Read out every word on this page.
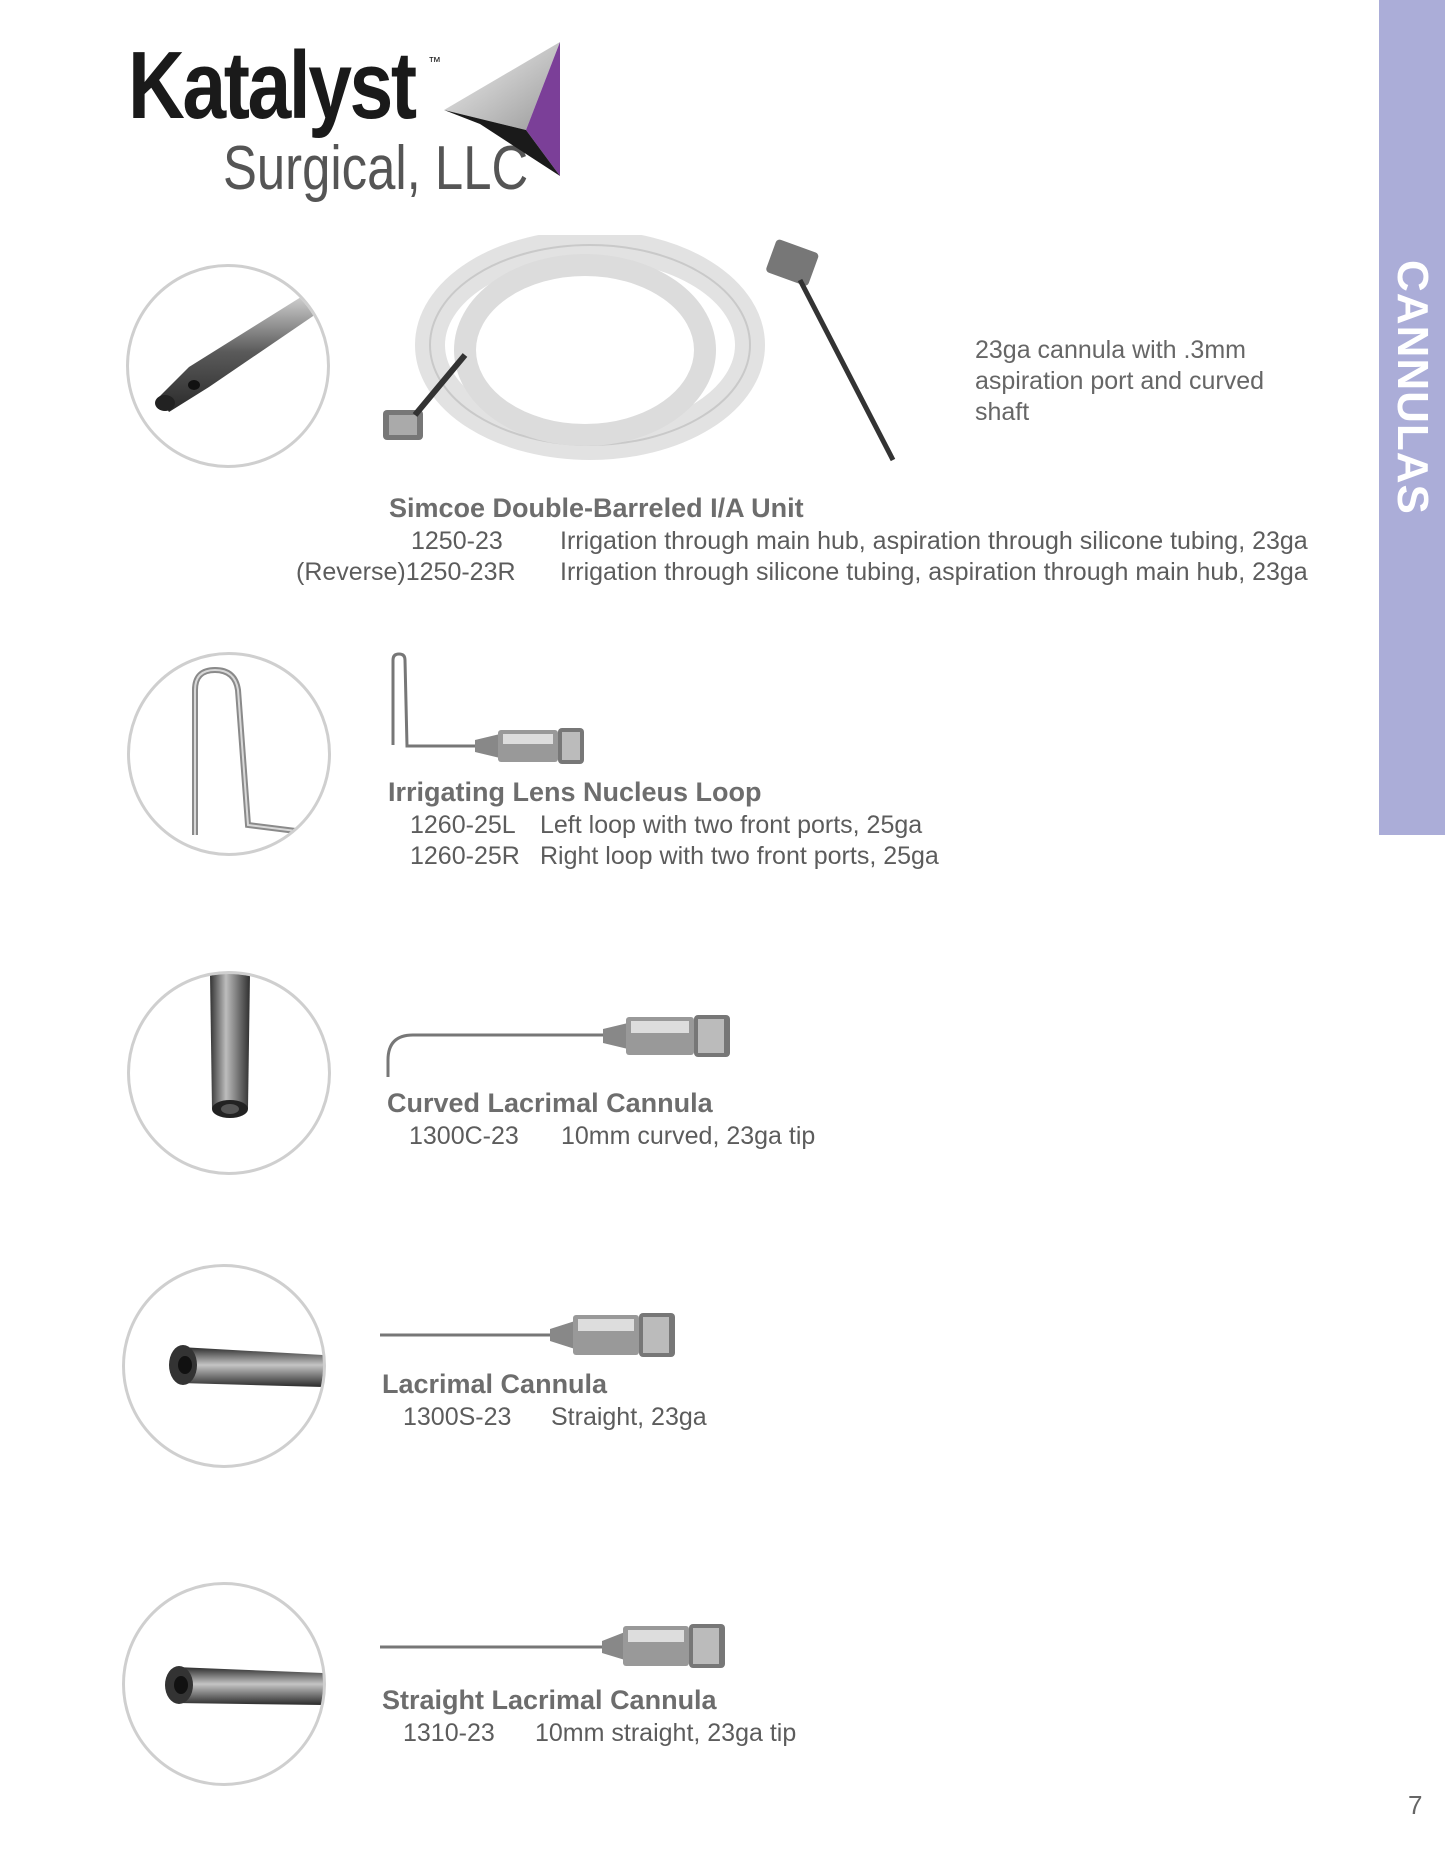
Katalyst ™
Surgical, LLC
CANNULAS
23ga cannula with .3mm aspiration port and curved shaft
Simcoe Double-Barreled I/A Unit
1250-23 Irrigation through main hub, aspiration through silicone tubing, 23ga
(Reverse)1250-23R Irrigation through silicone tubing, aspiration through main hub, 23ga
Irrigating Lens Nucleus Loop
1260-25L Left loop with two front ports, 25ga
1260-25R Right loop with two front ports, 25ga
Curved Lacrimal Cannula
1300C-23 10mm curved, 23ga tip
Lacrimal Cannula
1300S-23 Straight, 23ga
Straight Lacrimal Cannula
1310-23 10mm straight, 23ga tip
7
